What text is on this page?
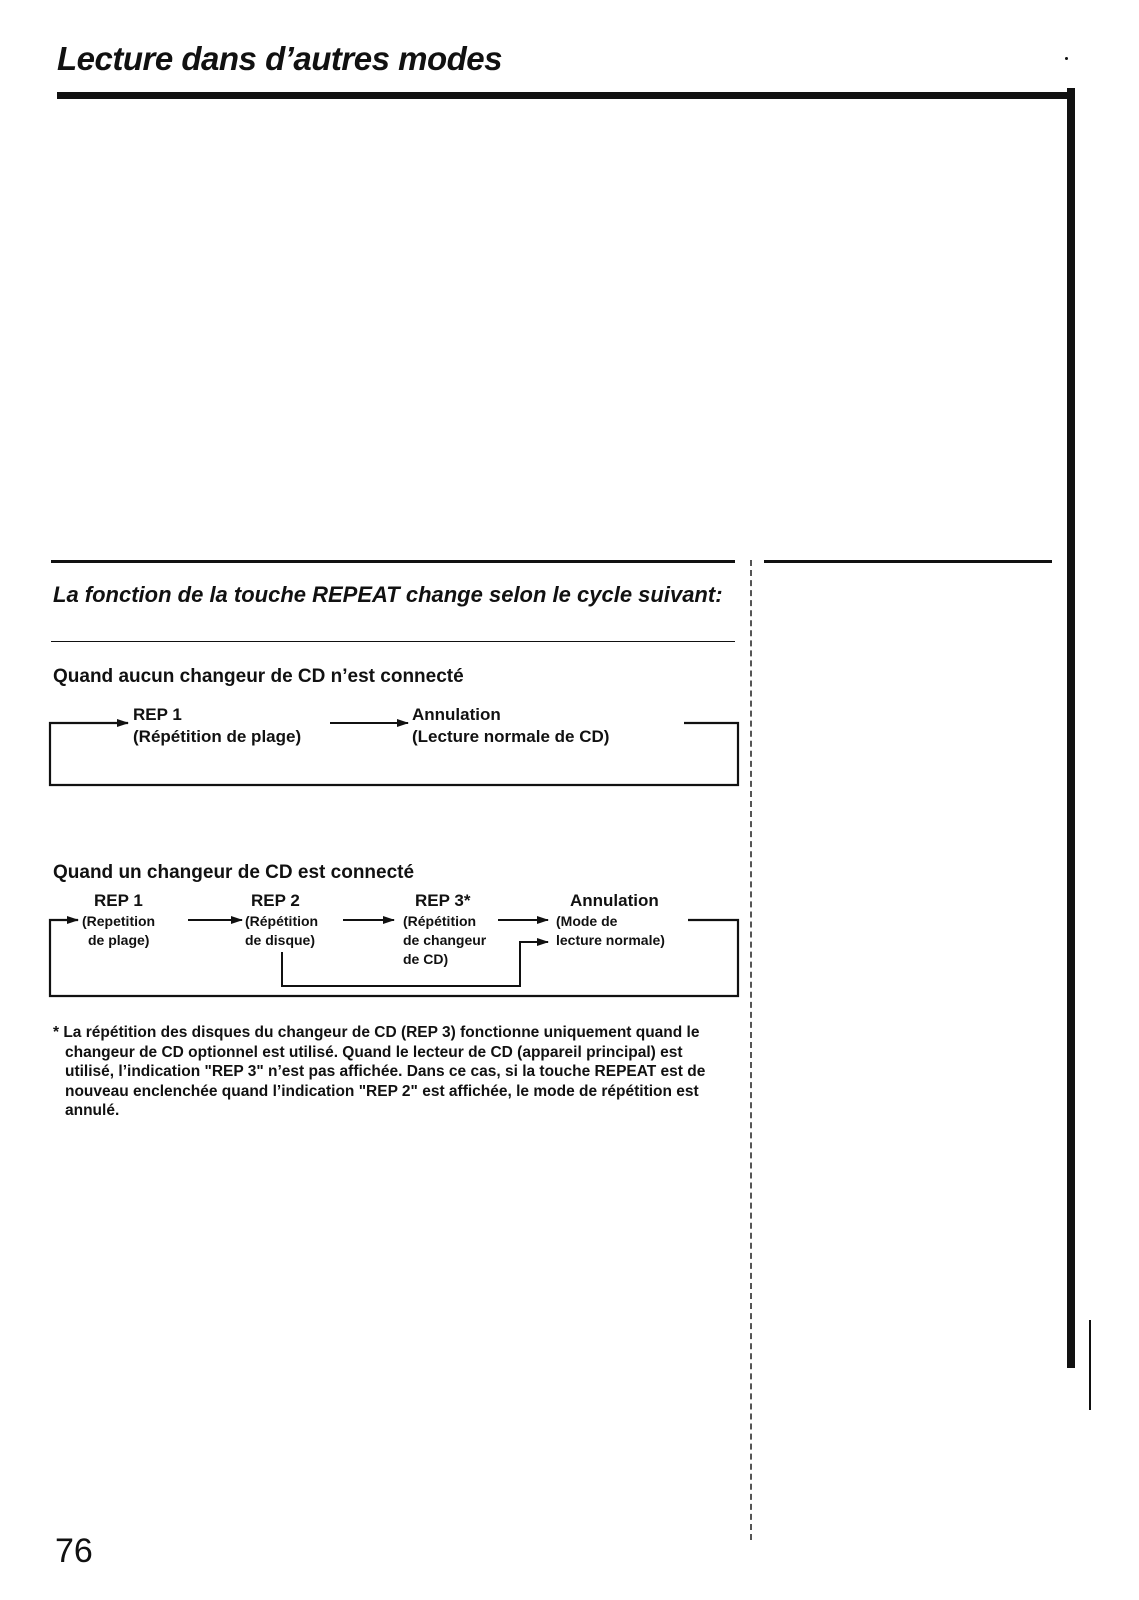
Lecture dans d’autres modes
La fonction de la touche REPEAT change selon le cycle suivant:
Quand aucun changeur de CD n’est connecté
REP 1
(Répétition de plage)
Annulation
(Lecture normale de CD)
Quand un changeur de CD est connecté
REP 1
(Repetition
de plage)
REP 2
(Répétition
de disque)
REP 3*
(Répétition
de changeur
de CD)
Annulation
(Mode de
lecture normale)

* La répétition des disques du changeur de CD (REP 3) fonctionne uniquement quand le changeur de CD optionnel est utilisé. Quand le lecteur de CD (appareil principal) est utilisé, l’indication "REP 3" n’est pas affichée. Dans ce cas, si la touche REPEAT est de nouveau enclenchée quand l’indication "REP 2" est affichée, le mode de répétition est annulé.

76
